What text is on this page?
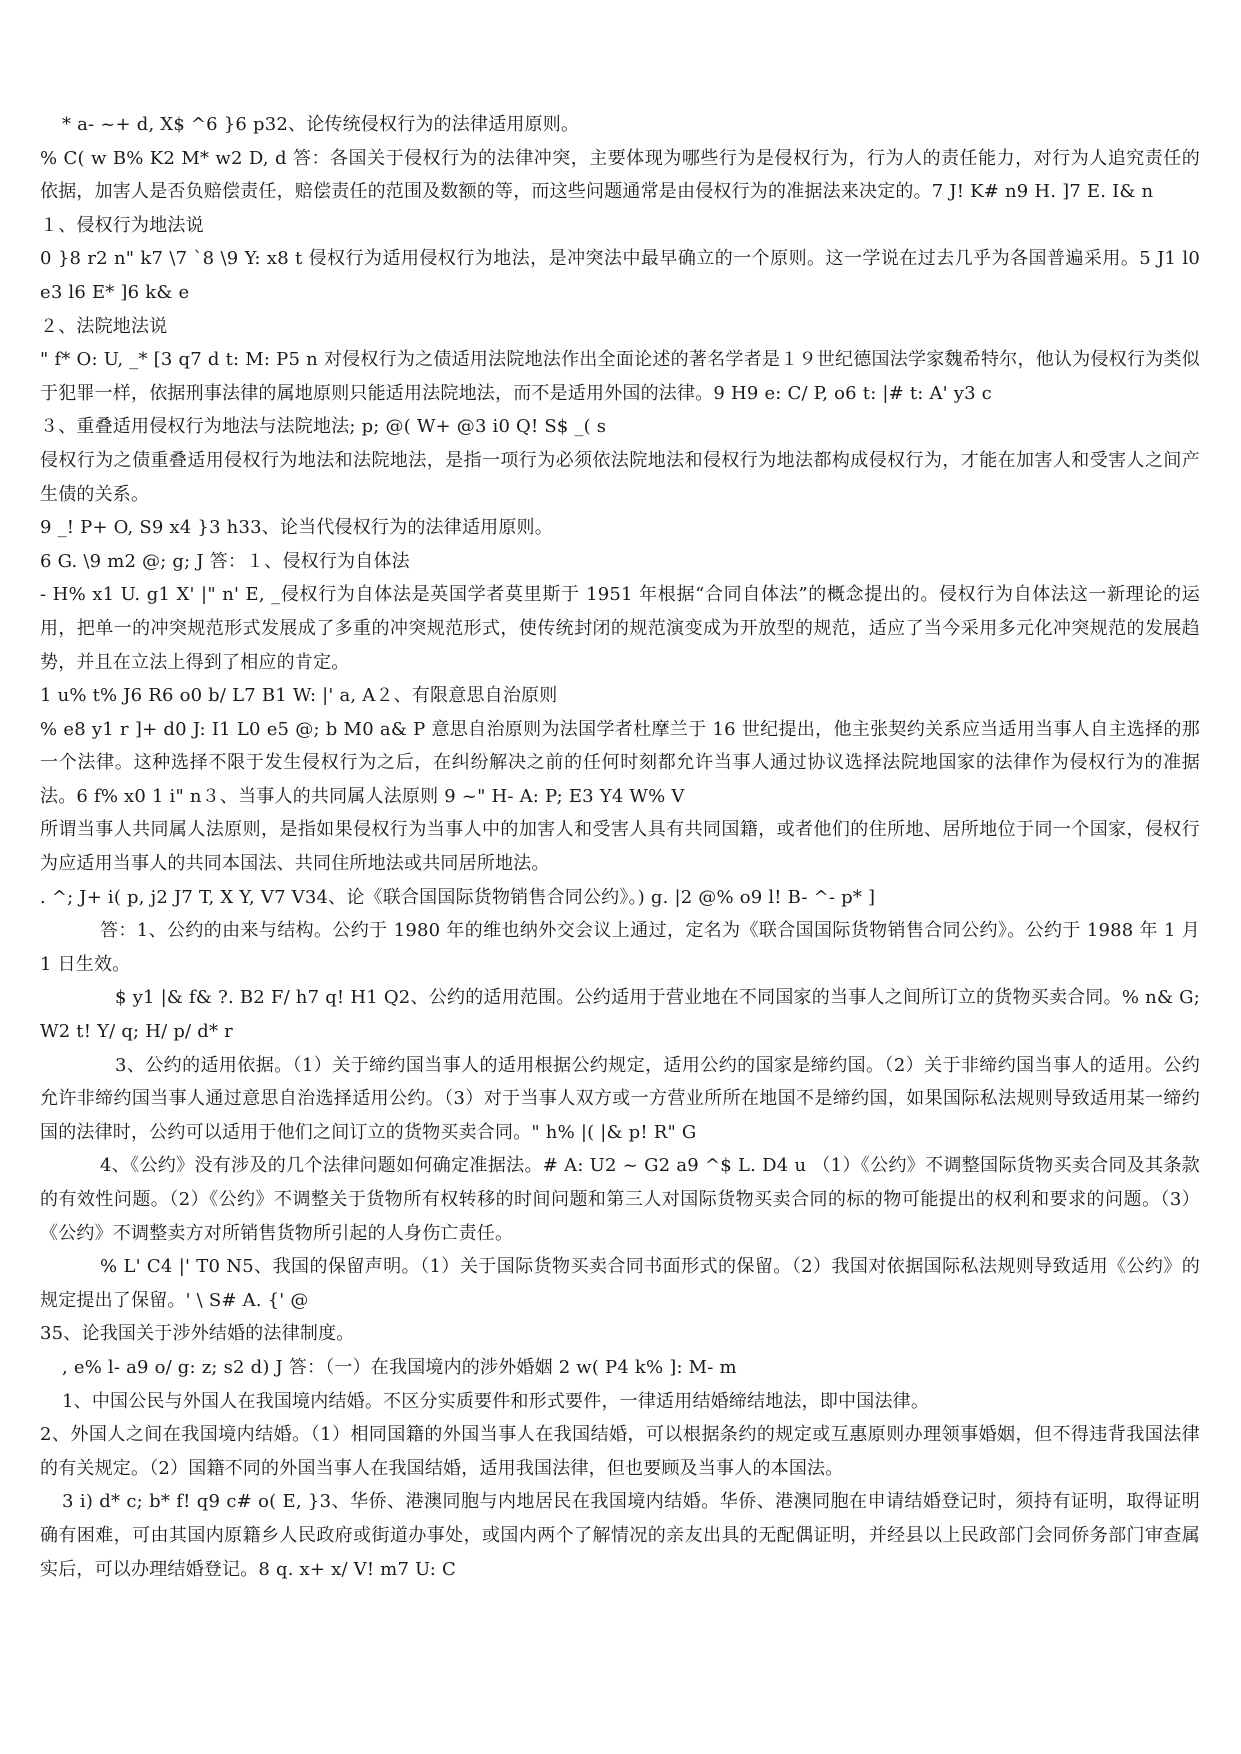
* a- ~+ d, X$ ^6 }6 p32、论传统侵权行为的法律适用原则。

% C( w B% K2 M* w2 D, d 答：各国关于侵权行为的法律冲突，主要体现为哪些行为是侵权行为，行为人的责任能力，对行为人追究责任的依据，加害人是否负赔偿责任，赔偿责任的范围及数额的等，而这些问题通常是由侵权行为的准据法来决定的。7 J! K# n9 H. ]7 E. I& n

１、侵权行为地法说

0 }8 r2 n" k7 \7 `8 \9 Y: x8 t 侵权行为适用侵权行为地法，是冲突法中最早确立的一个原则。这一学说在过去几乎为各国普遍采用。5 J1 l0 e3 l6 E* ]6 k& e

２、法院地法说

" f* O: U, _* [3 q7 d t: M: P5 n 对侵权行为之债适用法院地法作出全面论述的著名学者是１９世纪德国法学家魏希特尔，他认为侵权行为类似于犯罪一样，依据刑事法律的属地原则只能适用法院地法，而不是适用外国的法律。9 H9 e: C/ P, o6 t: |# t: A' y3 c

３、重叠适用侵权行为地法与法院地法; p; @( W+ @3 i0 Q! S$ _( s

侵权行为之债重叠适用侵权行为地法和法院地法，是指一项行为必须依法院地法和侵权行为地法都构成侵权行为，才能在加害人和受害人之间产生债的关系。

9 _! P+ O, S9 x4 }3 h33、论当代侵权行为的法律适用原则。

6 G. \9 m2 @; g; J 答：１、侵权行为自体法

- H% x1 U. g1 X' |" n' E, _侵权行为自体法是英国学者莫里斯于 1951 年根据“合同自体法”的概念提出的。侵权行为自体法这一新理论的运用，把单一的冲突规范形式发展成了多重的冲突规范形式，使传统封闭的规范演变成为开放型的规范，适应了当今采用多元化冲突规范的发展趋势，并且在立法上得到了相应的肯定。

1 u% t% J6 R6 o0 b/ L7 B1 W: |' a, A２、有限意思自治原则

% e8 y1 r ]+ d0 J: I1 L0 e5 @; b M0 a& P 意思自治原则为法国学者杜摩兰于 16 世纪提出，他主张契约关系应当适用当事人自主选择的那一个法律。这种选择不限于发生侵权行为之后，在纠纷解决之前的任何时刻都允许当事人通过协议选择法院地国家的法律作为侵权行为的准据法。6 f% x0 1 i" n３、当事人的共同属人法原则 9 ~" H- A: P; E3 Y4 W% V

所谓当事人共同属人法原则，是指如果侵权行为当事人中的加害人和受害人具有共同国籍，或者他们的住所地、居所地位于同一个国家，侵权行为应适用当事人的共同本国法、共同住所地法或共同居所地法。

. ^; J+ i( p, j2 J7 T, X Y, V7 V34、论《联合国国际货物销售合同公约》。) g. |2 @% o9 l! B- ^- p* ]

答：1、公约的由来与结构。公约于 1980 年的维也纳外交会议上通过，定名为《联合国国际货物销售合同公约》。公约于 1988 年 1 月 1 日生效。

$ y1 |& f& ?. B2 F/ h7 q! H1 Q2、公约的适用范围。公约适用于营业地在不同国家的当事人之间所订立的货物买卖合同。% n& G; W2 t! Y/ q; H/ p/ d* r

3、公约的适用依据。（1）关于缔约国当事人的适用根据公约规定，适用公约的国家是缔约国。（2）关于非缔约国当事人的适用。公约允许非缔约国当事人通过意思自治选择适用公约。（3）对于当事人双方或一方营业所所在地国不是缔约国，如果国际私法规则导致适用某一缔约国的法律时，公约可以适用于他们之间订立的货物买卖合同。" h% |( |& p! R" G

4、《公约》没有涉及的几个法律问题如何确定准据法。# A: U2 ~ G2 a9 ^$ L. D4 u （1）《公约》不调整国际货物买卖合同及其条款的有效性问题。（2）《公约》不调整关于货物所有权转移的时间问题和第三人对国际货物买卖合同的标的物可能提出的权利和要求的问题。（3）《公约》不调整卖方对所销售货物所引起的人身伤亡责任。

% L' C4 |' T0 N5、我国的保留声明。（1）关于国际货物买卖合同书面形式的保留。（2）我国对依据国际私法规则导致适用《公约》的规定提出了保留。' \ S# A. {' @

35、论我国关于涉外结婚的法律制度。

, e% l- a9 o/ g: z; s2 d) J 答：（一）在我国境内的涉外婚姻 2 w( P4 k% ]: M- m

1、中国公民与外国人在我国境内结婚。不区分实质要件和形式要件，一律适用结婚缔结地法，即中国法律。

2、外国人之间在我国境内结婚。（1）相同国籍的外国当事人在我国结婚，可以根据条约的规定或互惠原则办理领事婚姻，但不得违背我国法律的有关规定。（2）国籍不同的外国当事人在我国结婚，适用我国法律，但也要顾及当事人的本国法。

3 i) d* c; b* f! q9 c# o( E, }3、华侨、港澳同胞与内地居民在我国境内结婚。华侨、港澳同胞在申请结婚登记时，须持有证明，取得证明确有困难，可由其国内原籍乡人民政府或街道办事处，或国内两个了解情况的亲友出具的无配偶证明，并经县以上民政部门会同侨务部门审查属实后，可以办理结婚登记。8 q. x+ x/ V! m7 U: C
